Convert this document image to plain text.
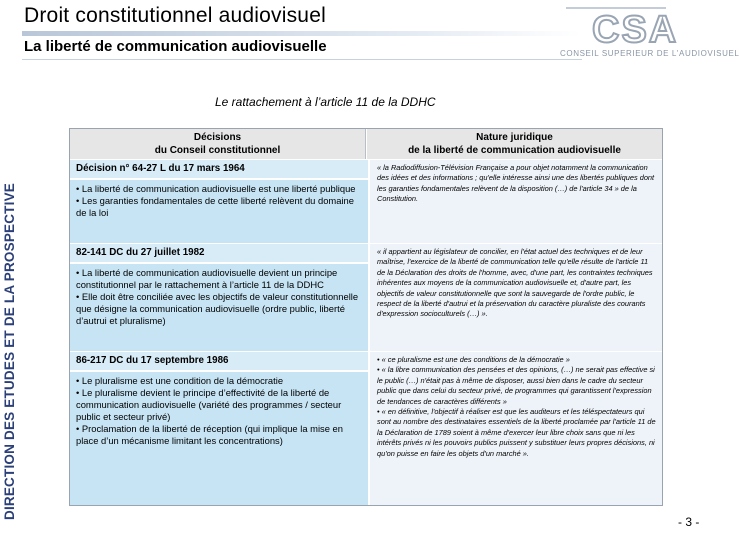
Droit constitutionnel audiovisuel
La liberté de communication audiovisuelle	CSA
CONSEIL SUPERIEUR DE L'AUDIOVISUEL
DIRECTION DES ETUDES ET DE LA PROSPECTIVE
Le rattachement à l’article 11 de la DDHC
Décisions
du Conseil constitutionnel
Nature juridique
de la liberté de communication audiovisuelle
Décision n° 64-27 L du 17 mars 1964

• La liberté de communication audiovisuelle est une liberté publique

• Les garanties fondamentales de cette liberté relèvent du domaine de la loi

« la Radiodiffusion-Télévision Française a pour objet notamment la communication des idées et des informations ; qu'elle intéresse ainsi une des libertés publiques dont les garanties fondamentales relèvent de la disposition (…) de l'article 34 » de la Constitution.

82-141 DC du 27 juillet 1982

• La liberté de communication audiovisuelle devient un principe constitutionnel par le rattachement à l’article 11 de la DDHC

• Elle doit être conciliée avec les objectifs de valeur constitutionnelle que désigne la communication audiovisuelle (ordre public, liberté d’autrui et pluralisme)

« il appartient au législateur de concilier, en l'état actuel des techniques et de leur maîtrise, l'exercice de la liberté de communication telle qu'elle résulte de l'article 11 de la Déclaration des droits de l'homme, avec, d'une part, les contraintes techniques inhérentes aux moyens de la communication audiovisuelle et, d'autre part, les objectifs de valeur constitutionnelle que sont la sauvegarde de l'ordre public, le respect de la liberté d'autrui et la préservation du caractère pluraliste des courants d'expression socioculturels (…) ».

86-217 DC du 17 septembre 1986

• Le pluralisme est une condition de la démocratie

• Le pluralisme devient le principe d’effectivité de la liberté de communication audiovisuelle (variété des programmes / secteur public et secteur privé)

• Proclamation de la liberté de réception (qui implique la mise en place d’un mécanisme limitant les concentrations)

• « ce pluralisme est une des conditions de la démocratie »

• « la libre communication des pensées et des opinions, (…) ne serait pas effective si le public (…) n'était pas à même de disposer, aussi bien dans le cadre du secteur public que dans celui du secteur privé, de programmes qui garantissent l'expression de tendances de caractères différents »

• « en définitive, l'objectif à réaliser est que les auditeurs et les téléspectateurs qui sont au nombre des destinataires essentiels de la liberté proclamée par l'article 11 de la Déclaration de 1789 soient à même d'exercer leur libre choix sans que ni les intérêts privés ni les pouvoirs publics puissent y substituer leurs propres décisions, ni qu'on puisse en faire les objets d'un marché ».

- 3 -
